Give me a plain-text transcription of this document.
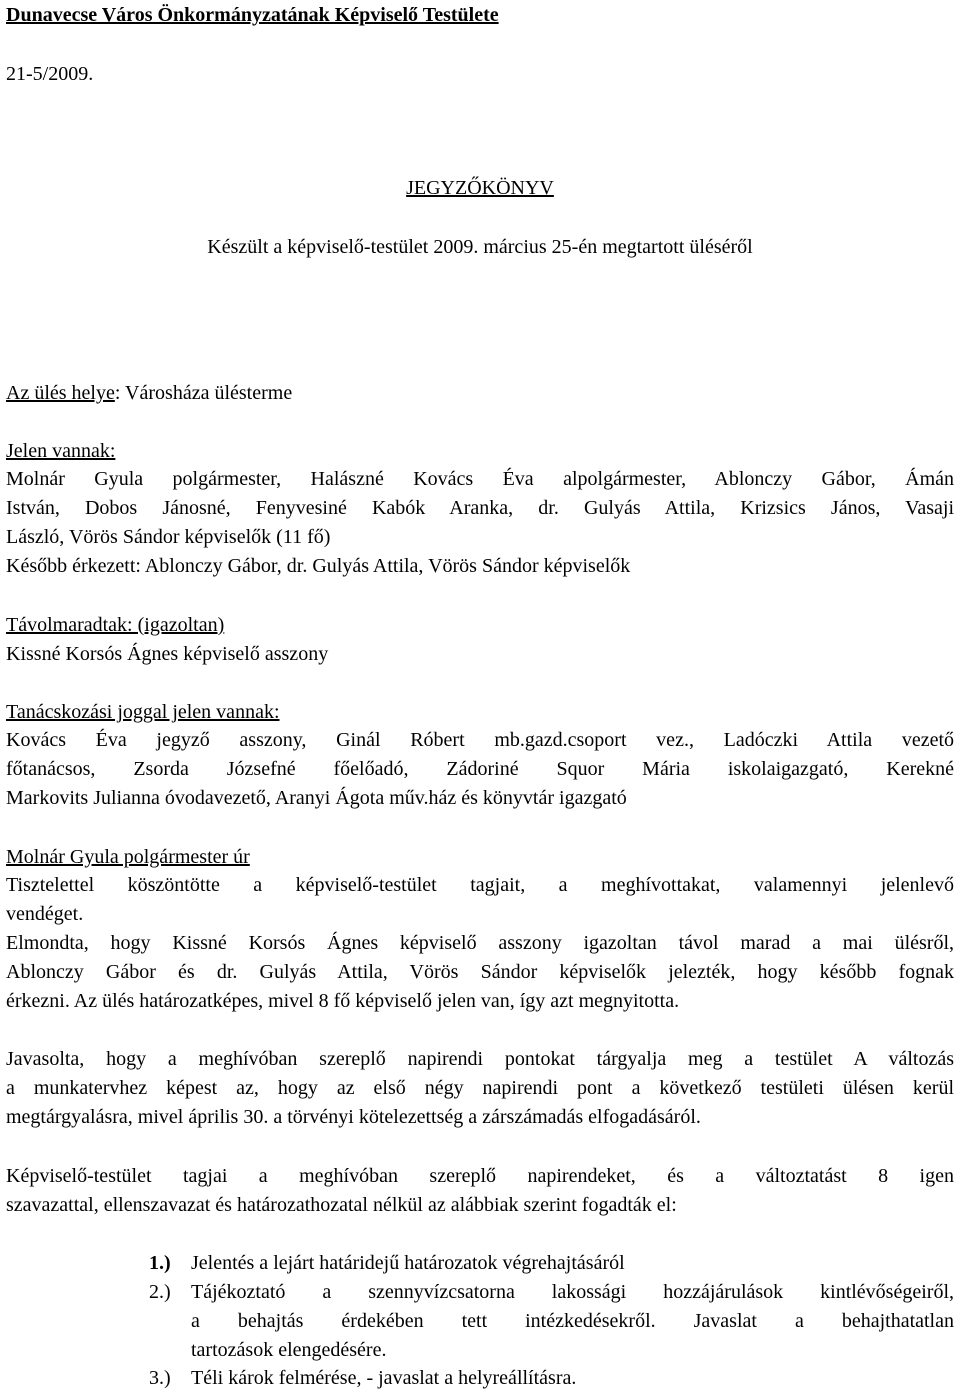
Dunavecse Város Önkormányzatának Képviselő Testülete

21-5/2009.

JEGYZŐKÖNYV

Készült a képviselő-testület 2009. március 25-én megtartott üléséről

Az ülés helye: Városháza ülésterme

Jelen vannak:

Molnár Gyula polgármester, Halászné Kovács Éva alpolgármester, Ablonczy Gábor, Ámán

István, Dobos Jánosné, Fenyvesiné Kabók Aranka, dr. Gulyás Attila, Krizsics János, Vasaji

László, Vörös Sándor képviselők (11 fő)

Később érkezett: Ablonczy Gábor, dr. Gulyás Attila, Vörös Sándor képviselők

Távolmaradtak: (igazoltan)

Kissné Korsós Ágnes képviselő asszony

Tanácskozási joggal jelen vannak:

Kovács Éva jegyző asszony, Ginál Róbert mb.gazd.csoport vez., Ladóczki Attila vezető

főtanácsos, Zsorda Józsefné főelőadó, Zádoriné Squor Mária iskolaigazgató, Kerekné

Markovits Julianna óvodavezető, Aranyi Ágota műv.ház és könyvtár igazgató

Molnár Gyula polgármester úr

Tisztelettel köszöntötte a képviselő-testület tagjait, a meghívottakat, valamennyi jelenlevő

vendéget.

Elmondta, hogy Kissné Korsós Ágnes képviselő asszony igazoltan távol marad a mai ülésről,

Ablonczy Gábor és dr. Gulyás Attila, Vörös Sándor képviselők jelezték, hogy később fognak

érkezni. Az ülés határozatképes, mivel 8 fő képviselő jelen van, így azt megnyitotta.

Javasolta, hogy a meghívóban szereplő napirendi pontokat tárgyalja meg a testület A változás

a munkatervhez képest az, hogy az első négy napirendi pont a következő testületi ülésen kerül

megtárgyalásra, mivel április 30. a törvényi kötelezettség a zárszámadás elfogadásáról.

Képviselő-testület tagjai a meghívóban szereplő napirendeket, és a változtatást 8 igen

szavazattal, ellenszavazat és határozathozatal nélkül az alábbiak szerint fogadták el:

1.) Jelentés a lejárt határidejű határozatok végrehajtásáról

2.) Tájékoztató a szennyvízcsatorna lakossági hozzájárulások kintlévőségeiről,

a behajtás érdekében tett intézkedésekről. Javaslat a behajthatatlan

tartozások elengedésére.

3.) Téli károk felmérése, - javaslat a helyreállításra.
